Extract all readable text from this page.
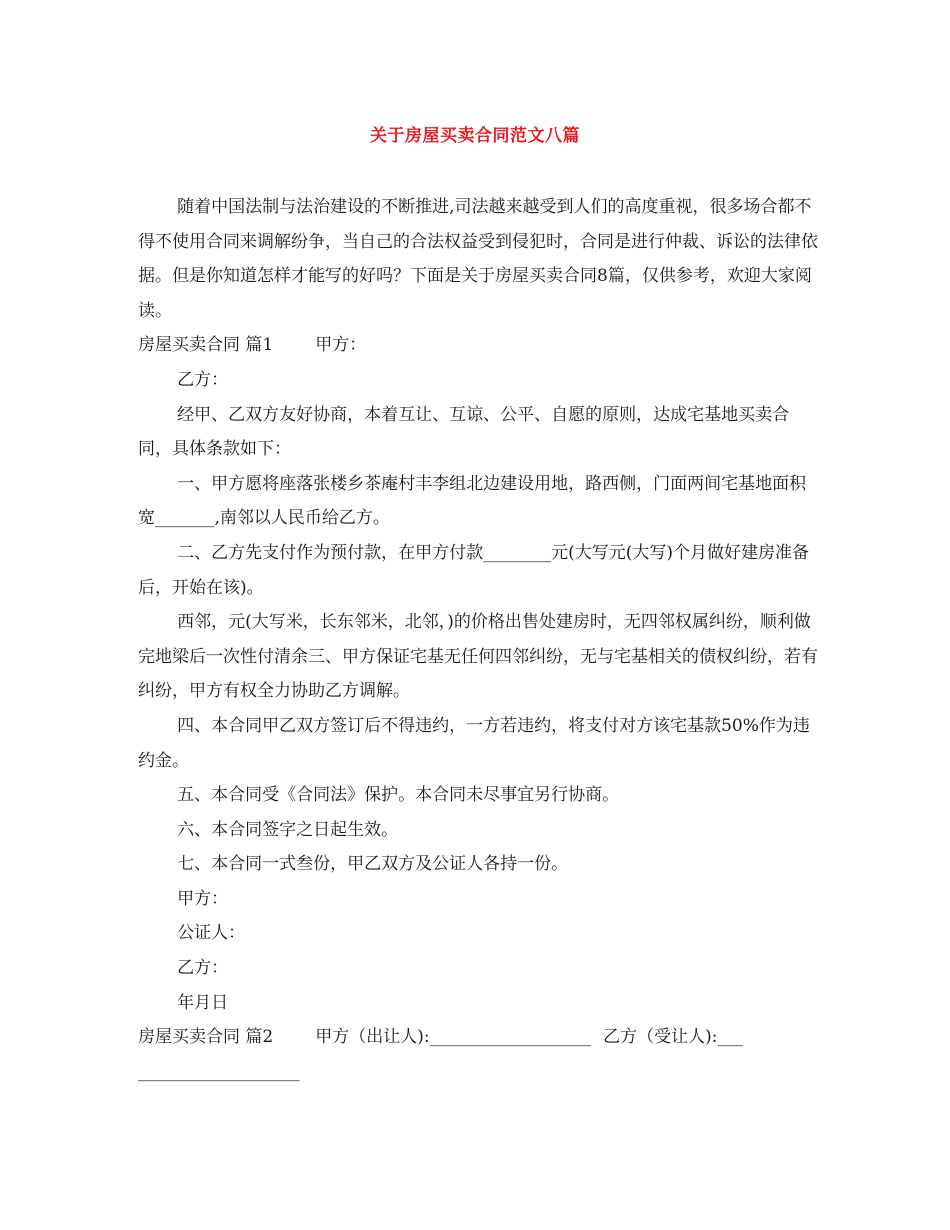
关于房屋买卖合同范文八篇

随着中国法制与法治建设的不断推进,司法越来越受到人们的高度重视，很多场合都不得不使用合同来调解纷争，当自己的合法权益受到侵犯时，合同是进行仲裁、诉讼的法律依据。但是你知道怎样才能写的好吗？下面是关于房屋买卖合同8篇，仅供参考，欢迎大家阅读。

房屋买卖合同 篇1 甲方：

乙方：

经甲、乙双方友好协商，本着互让、互谅、公平、自愿的原则，达成宅基地买卖合同，具体条款如下：

一、甲方愿将座落张楼乡茶庵村丰李组北边建设用地，路西侧，门面两间宅基地面积宽_______,南邻以人民币给乙方。

二、乙方先支付作为预付款，在甲方付款________元(大写元(大写)个月做好建房准备后，开始在该)。

西邻，元(大写米，长东邻米，北邻，)的价格出售处建房时，无四邻权属纠纷，顺利做完地梁后一次性付清余三、甲方保证宅基无任何四邻纠纷，无与宅基相关的债权纠纷，若有纠纷，甲方有权全力协助乙方调解。

四、本合同甲乙双方签订后不得违约，一方若违约，将支付对方该宅基款50%作为违约金。

五、本合同受《合同法》保护。本合同未尽事宜另行协商。

六、本合同签字之日起生效。

七、本合同一式叁份，甲乙双方及公证人各持一份。

甲方：

公证人：

乙方：

年月日

房屋买卖合同 篇2 甲方（出让人):___________________ 乙方（受让人):___

___________________
